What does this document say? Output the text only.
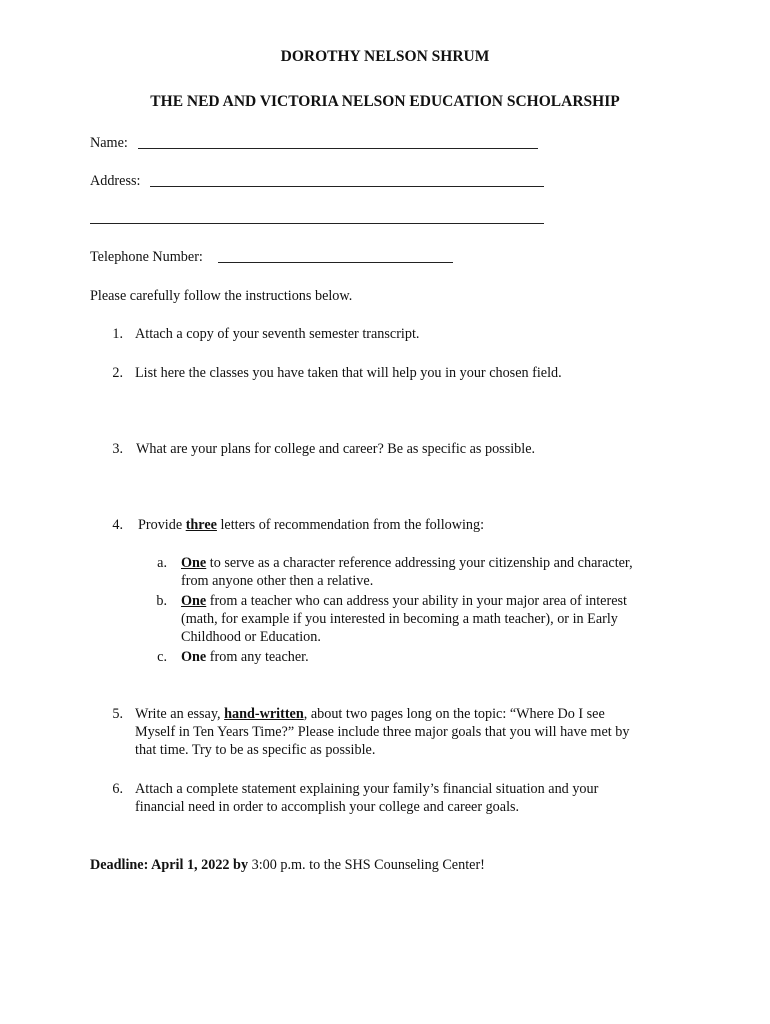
DOROTHY NELSON SHRUM
THE NED AND VICTORIA NELSON EDUCATION SCHOLARSHIP
Name:
Address:
Telephone Number:
Please carefully follow the instructions below.
1. Attach a copy of your seventh semester transcript.
2. List here the classes you have taken that will help you in your chosen field.
3. What are your plans for college and career? Be as specific as possible.
4. Provide three letters of recommendation from the following:
a. One to serve as a character reference addressing your citizenship and character,
from anyone other then a relative.
b. One from a teacher who can address your ability in your major area of interest
(math, for example if you interested in becoming a math teacher), or in Early
Childhood or Education.
c. One from any teacher.
5. Write an essay, hand-written, about two pages long on the topic: “Where Do I see
Myself in Ten Years Time?” Please include three major goals that you will have met by
that time. Try to be as specific as possible.
6. Attach a complete statement explaining your family’s financial situation and your
financial need in order to accomplish your college and career goals.
Deadline: April 1, 2022 by 3:00 p.m. to the SHS Counseling Center!
